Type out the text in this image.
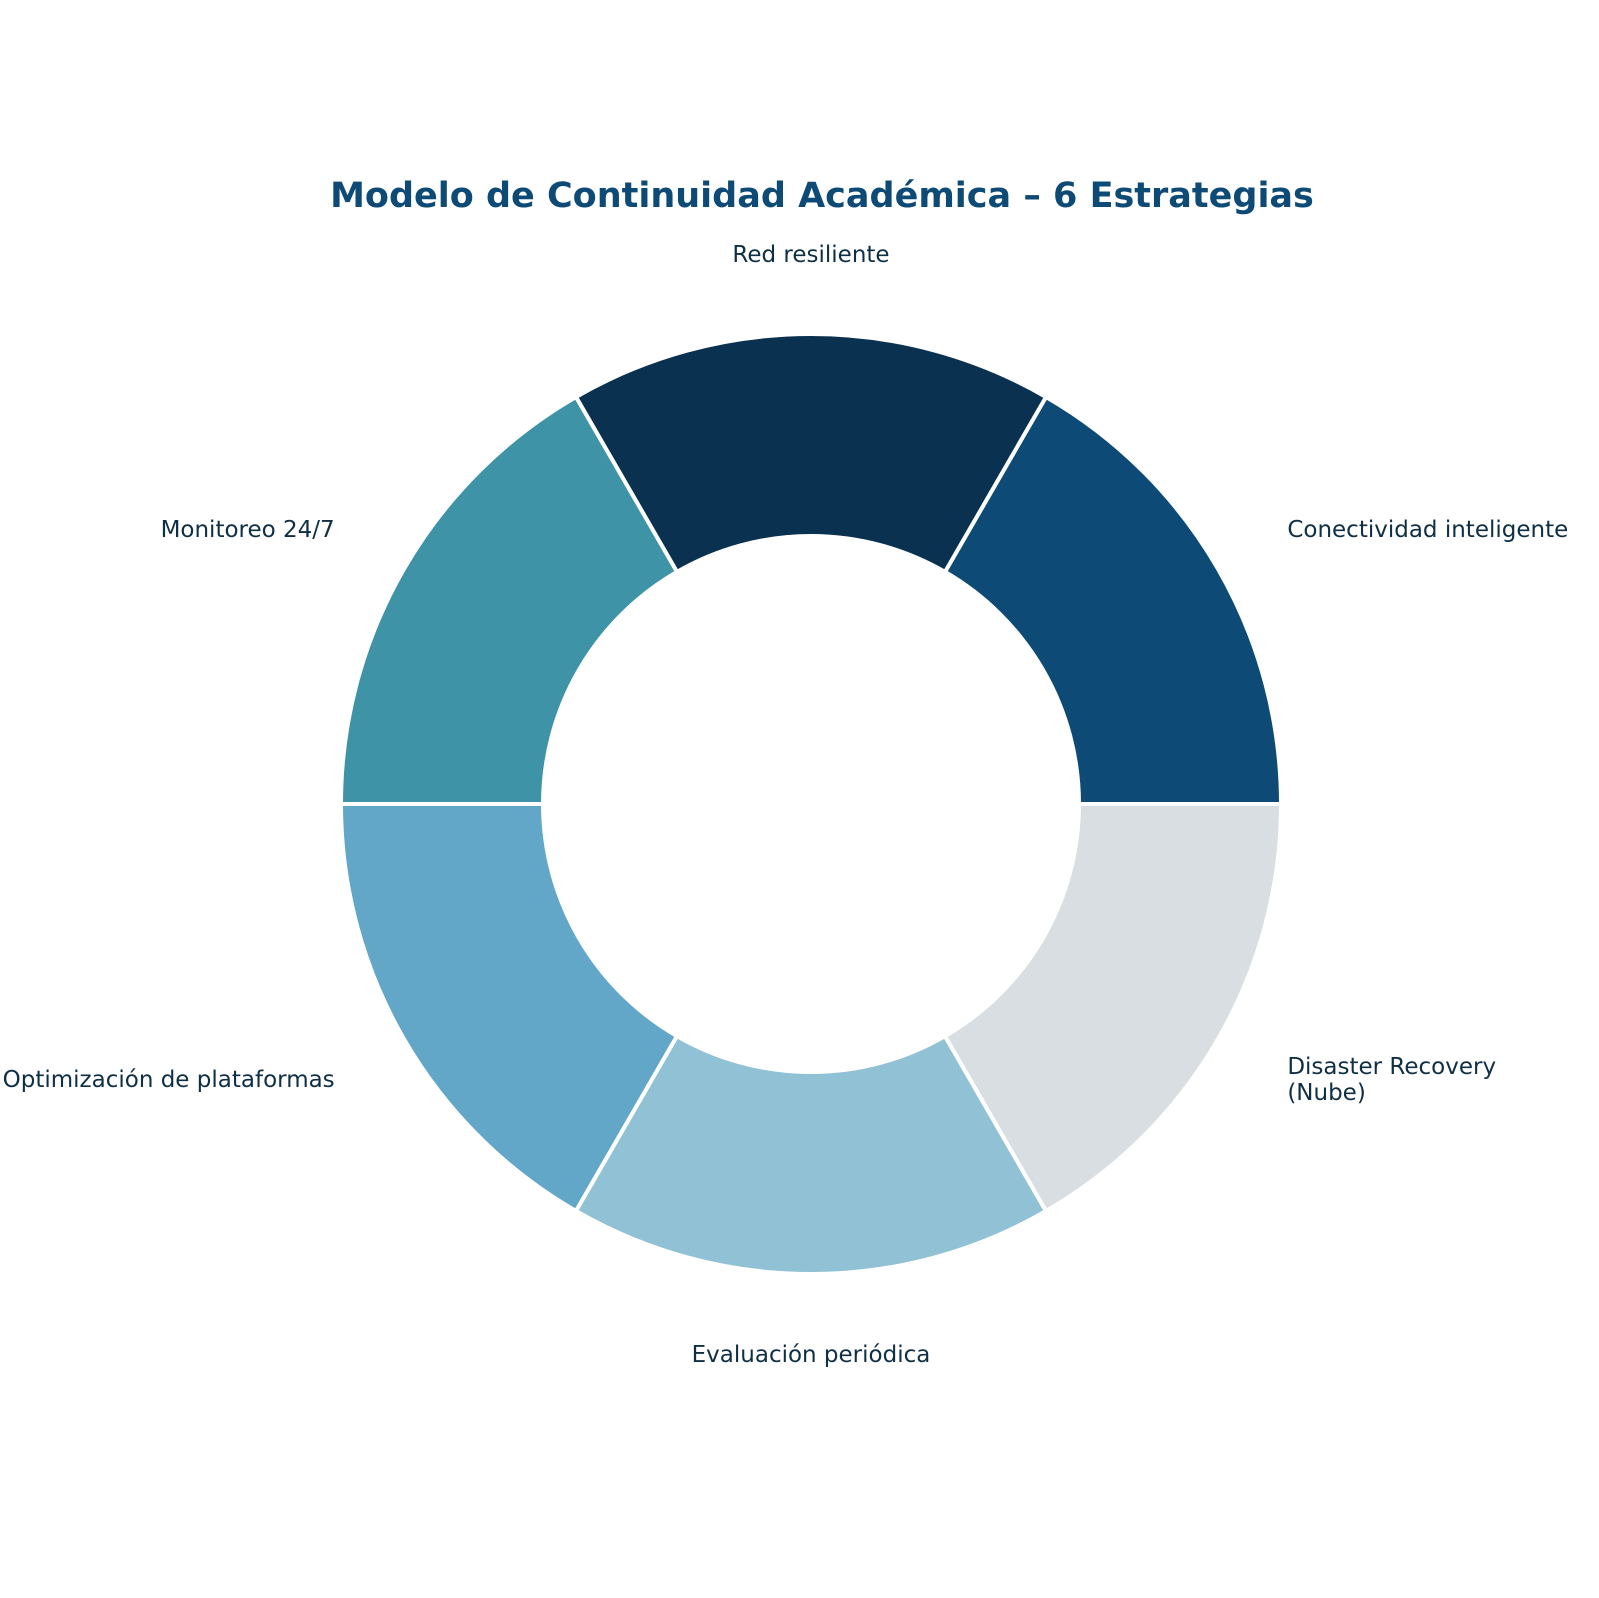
Modelo de Continuidad Académica – 6 Estrategias
Conectividad inteligente
Red resiliente
Monitoreo 24/7
Optimización de plataformas
Evaluación periódica
Disaster Recovery (Nube)
